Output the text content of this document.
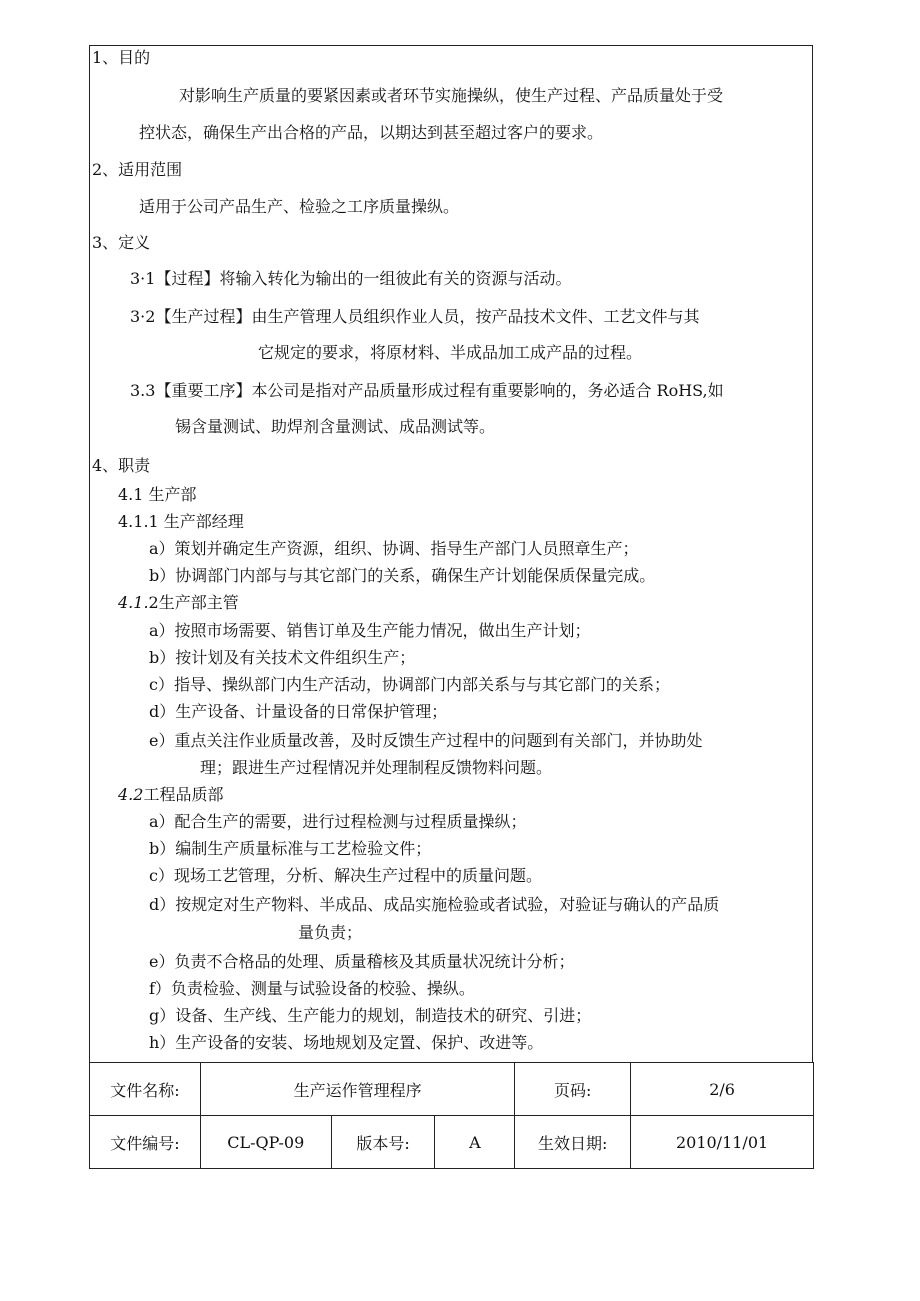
1、目的
对影响生产质量的要紧因素或者环节实施操纵，使生产过程、产品质量处于受
控状态，确保生产出合格的产品，以期达到甚至超过客户的要求。
2、适用范围
适用于公司产品生产、检验之工序质量操纵。
3、定义
3·1【过程】将输入转化为输出的一组彼此有关的资源与活动。
3·2【生产过程】由生产管理人员组织作业人员，按产品技术文件、工艺文件与其
它规定的要求，将原材料、半成品加工成产品的过程。
3.3【重要工序】本公司是指对产品质量形成过程有重要影响的，务必适合 RoHS,如
锡含量测试、助焊剂含量测试、成品测试等。
4、职责
4.1 生产部
4.1.1 生产部经理
a）策划并确定生产资源，组织、协调、指导生产部门人员照章生产；
b）协调部门内部与与其它部门的关系，确保生产计划能保质保量完成。
4.1.2生产部主管
a）按照市场需要、销售订单及生产能力情况，做出生产计划；
b）按计划及有关技术文件组织生产；
c）指导、操纵部门内生产活动，协调部门内部关系与与其它部门的关系；
d）生产设备、计量设备的日常保护管理；
e）重点关注作业质量改善，及时反馈生产过程中的问题到有关部门，并协助处
理；跟进生产过程情况并处理制程反馈物料问题。
4.2工程品质部
a）配合生产的需要，进行过程检测与过程质量操纵；
b）编制生产质量标准与工艺检验文件；
c）现场工艺管理，分析、解决生产过程中的质量问题。
d）按规定对生产物料、半成品、成品实施检验或者试验，对验证与确认的产品质
量负责；
e）负责不合格品的处理、质量稽核及其质量状况统计分析；
f）负责检验、测量与试验设备的校验、操纵。
g）设备、生产线、生产能力的规划，制造技术的研究、引进；
h）生产设备的安装、场地规划及定置、保护、改进等。
文件名称:	生产运作管理程序			页码:	2/6
文件编号:	CL-QP-09	版本号:	A	生效日期:	2010/11/01
